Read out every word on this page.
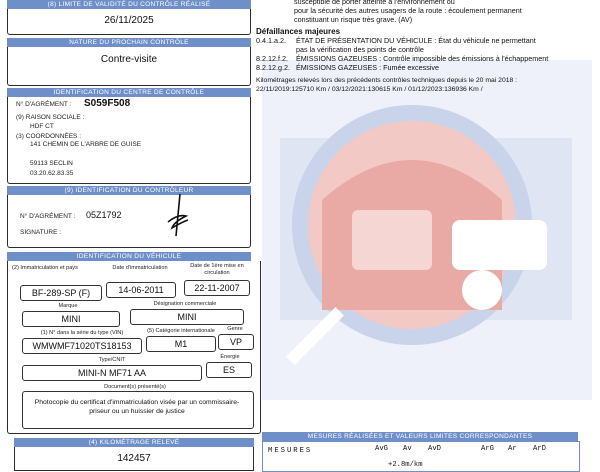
susceptible de porter atteinte à l'environnement ou
pour la sécurité des autres usagers de la route : écoulement permanent
constituant un risque très grave. (AV)
Défaillances majeures
0.4.1.a.2. ÉTAT DE PRÉSENTATION DU VÉHICULE : État du véhicule ne permettant
pas la vérification des points de contrôle
8.2.12.f.2. ÉMISSIONS GAZEUSES : Contrôle impossible des émissions à l'échappement
8.2.12.g.2. ÉMISSIONS GAZEUSES : Fumée excessive
Kilométrages relevés lors des précédents contrôles techniques depuis le 20 mai 2018 :
22/11/2019:125710 Km / 03/12/2021:130615 Km / 01/12/2023:136936 Km /
MESURES RÉALISÉES ET VALEURS LIMITES CORRESPONDANTES
MESURES	AvG Av AvD	ArG Ar ArD
+2.8m/km
(8) LIMITE DE VALIDITÉ DU CONTRÔLE RÉALISÉ
26/11/2025
NATURE DU PROCHAIN CONTRÔLE
Contre-visite
IDENTIFICATION DU CENTRE DE CONTRÔLE
N° D'AGRÉMENT : S059F508
(9) RAISON SOCIALE :
HDF CT
(3) COORDONNÉES :
141 CHEMIN DE L'ARBRE DE GUISE
59113 SECLIN
03.20.62.83.35
(9) IDENTIFICATION DU CONTRÔLEUR
N° D'AGRÉMENT : 05Z1792
SIGNATURE :
IDENTIFICATION DU VÉHICULE
(2) Immatriculation et pays	Date d'immatriculation	Date de 1ère mise en circulation
BF-289-SP (F)	14-06-2011	22-11-2007
Marque	Désignation commerciale
MINI	MINI
(1) N° dans la série du type (VIN)	(5) Catégorie internationale	Genre
WMWMF71020TS18153	M1	VP
Type/CNIT	Énergie
MINI-N MF71 AA	ES
Document(s) présenté(s)
Photocopie du certificat d'immatriculation visée par un commissaire-priseur ou un huissier de justice
(4) KILOMÉTRAGE RELEVÉ
142457
